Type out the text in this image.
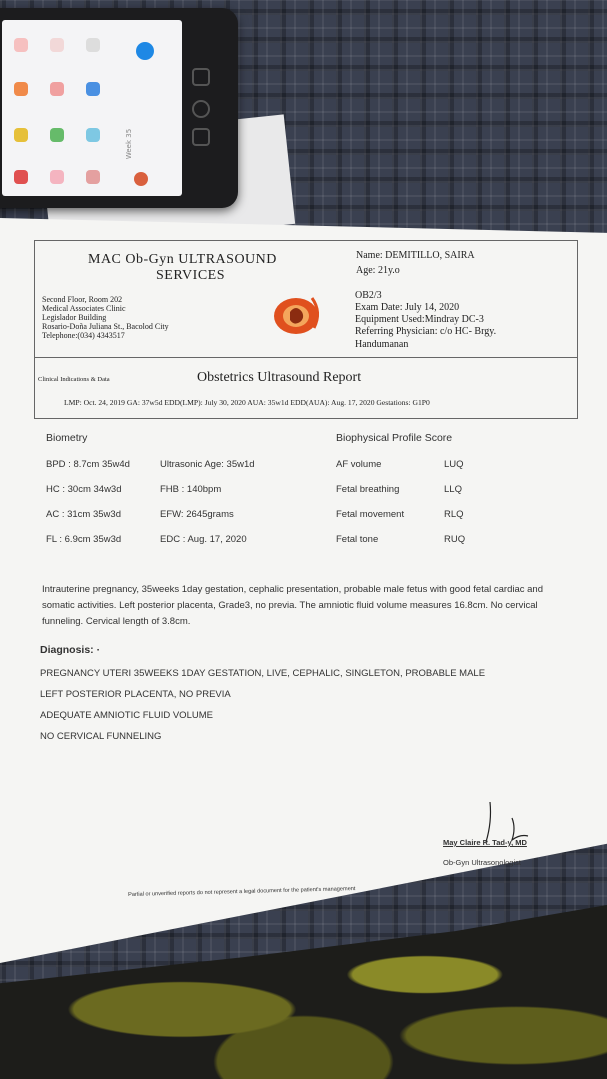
Week 35
MAC Ob-Gyn ULTRASOUND
SERVICES
Second Floor, Room 202
Medical Associates Clinic
Legislador Building
Rosario-Doña Juliana St., Bacolod City
Telephone:(034) 4343517
Name: DEMITILLO, SAIRA
Age: 21y.o
OB2/3
Exam Date: July 14, 2020
Equipment Used:Mindray DC-3
Referring Physician: c/o HC- Brgy.
Handumanan
Clinical Indications & Data	Obstetrics Ultrasound Report
LMP: Oct. 24, 2019 GA: 37w5d EDD(LMP): July 30, 2020 AUA: 35w1d EDD(AUA): Aug. 17, 2020 Gestations: G1P0
Biometry
BPD : 8.7cm 35w4d
HC : 30cm 34w3d
AC : 31cm 35w3d
FL : 6.9cm 35w3d
Ultrasonic Age: 35w1d
FHB : 140bpm
EFW: 2645grams
EDC : Aug. 17, 2020
Biophysical Profile Score
AF volume
Fetal breathing
Fetal movement
Fetal tone
LUQ
LLQ
RLQ
RUQ
Intrauterine pregnancy, 35weeks 1day gestation, cephalic presentation, probable male fetus with good fetal cardiac and somatic activities. Left posterior placenta, Grade3, no previa. The amniotic fluid volume measures 16.8cm. No cervical funneling. Cervical length of 3.8cm.
Diagnosis: ·
PREGNANCY UTERI 35WEEKS 1DAY GESTATION, LIVE, CEPHALIC, SINGLETON, PROBABLE MALE
LEFT POSTERIOR PLACENTA, NO PREVIA
ADEQUATE AMNIOTIC FLUID VOLUME
NO CERVICAL FUNNELING
May Claire R. Tad-y, MD
Ob-Gyn Ultrasonologist
Partial or unverified reports do not represent a legal document for the patient's management
